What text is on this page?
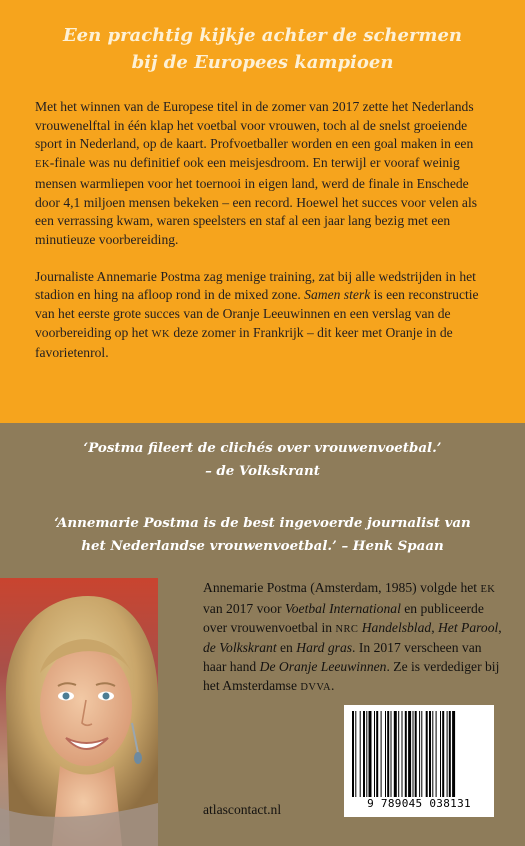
Een prachtig kijkje achter de schermen
bij de Europees kampioen

Met het winnen van de Europese titel in de zomer van 2017 zette het Nederlands vrouwenelftal in één klap het voetbal voor vrouwen, toch al de snelst groeiende sport in Nederland, op de kaart. Profvoetballer worden en een goal maken in een EK-finale was nu definitief ook een meisjesdroom. En terwijl er vooraf weinig mensen warmliepen voor het toernooi in eigen land, werd de finale in Enschede door 4,1 miljoen mensen bekeken – een record. Hoewel het succes voor velen als een verrassing kwam, waren speelsters en staf al een jaar lang bezig met een minutieuze voorbereiding.

Journaliste Annemarie Postma zag menige training, zat bij alle wedstrijden in het stadion en hing na afloop rond in de mixed zone. Samen sterk is een reconstructie van het eerste grote succes van de Oranje Leeuwinnen en een verslag van de voorbereiding op het WK deze zomer in Frankrijk – dit keer met Oranje in de favorietenrol.

‘Postma fileert de clichés over vrouwenvoetbal.’
– de Volkskrant
‘Annemarie Postma is de best ingevoerde journalist van
het Nederlandse vrouwenvoetbal.’ – Henk Spaan
Annemarie Postma (Amsterdam, 1985) volgde het EK van 2017 voor Voetbal International en publiceerde over vrouwenvoetbal in NRC Handelsblad, Het Parool, de Volkskrant en Hard gras. In 2017 verscheen van haar hand De Oranje Leeuwinnen. Ze is verdediger bij het Amsterdamse DVVA.
9 789045 038131
atlascontact.nl
